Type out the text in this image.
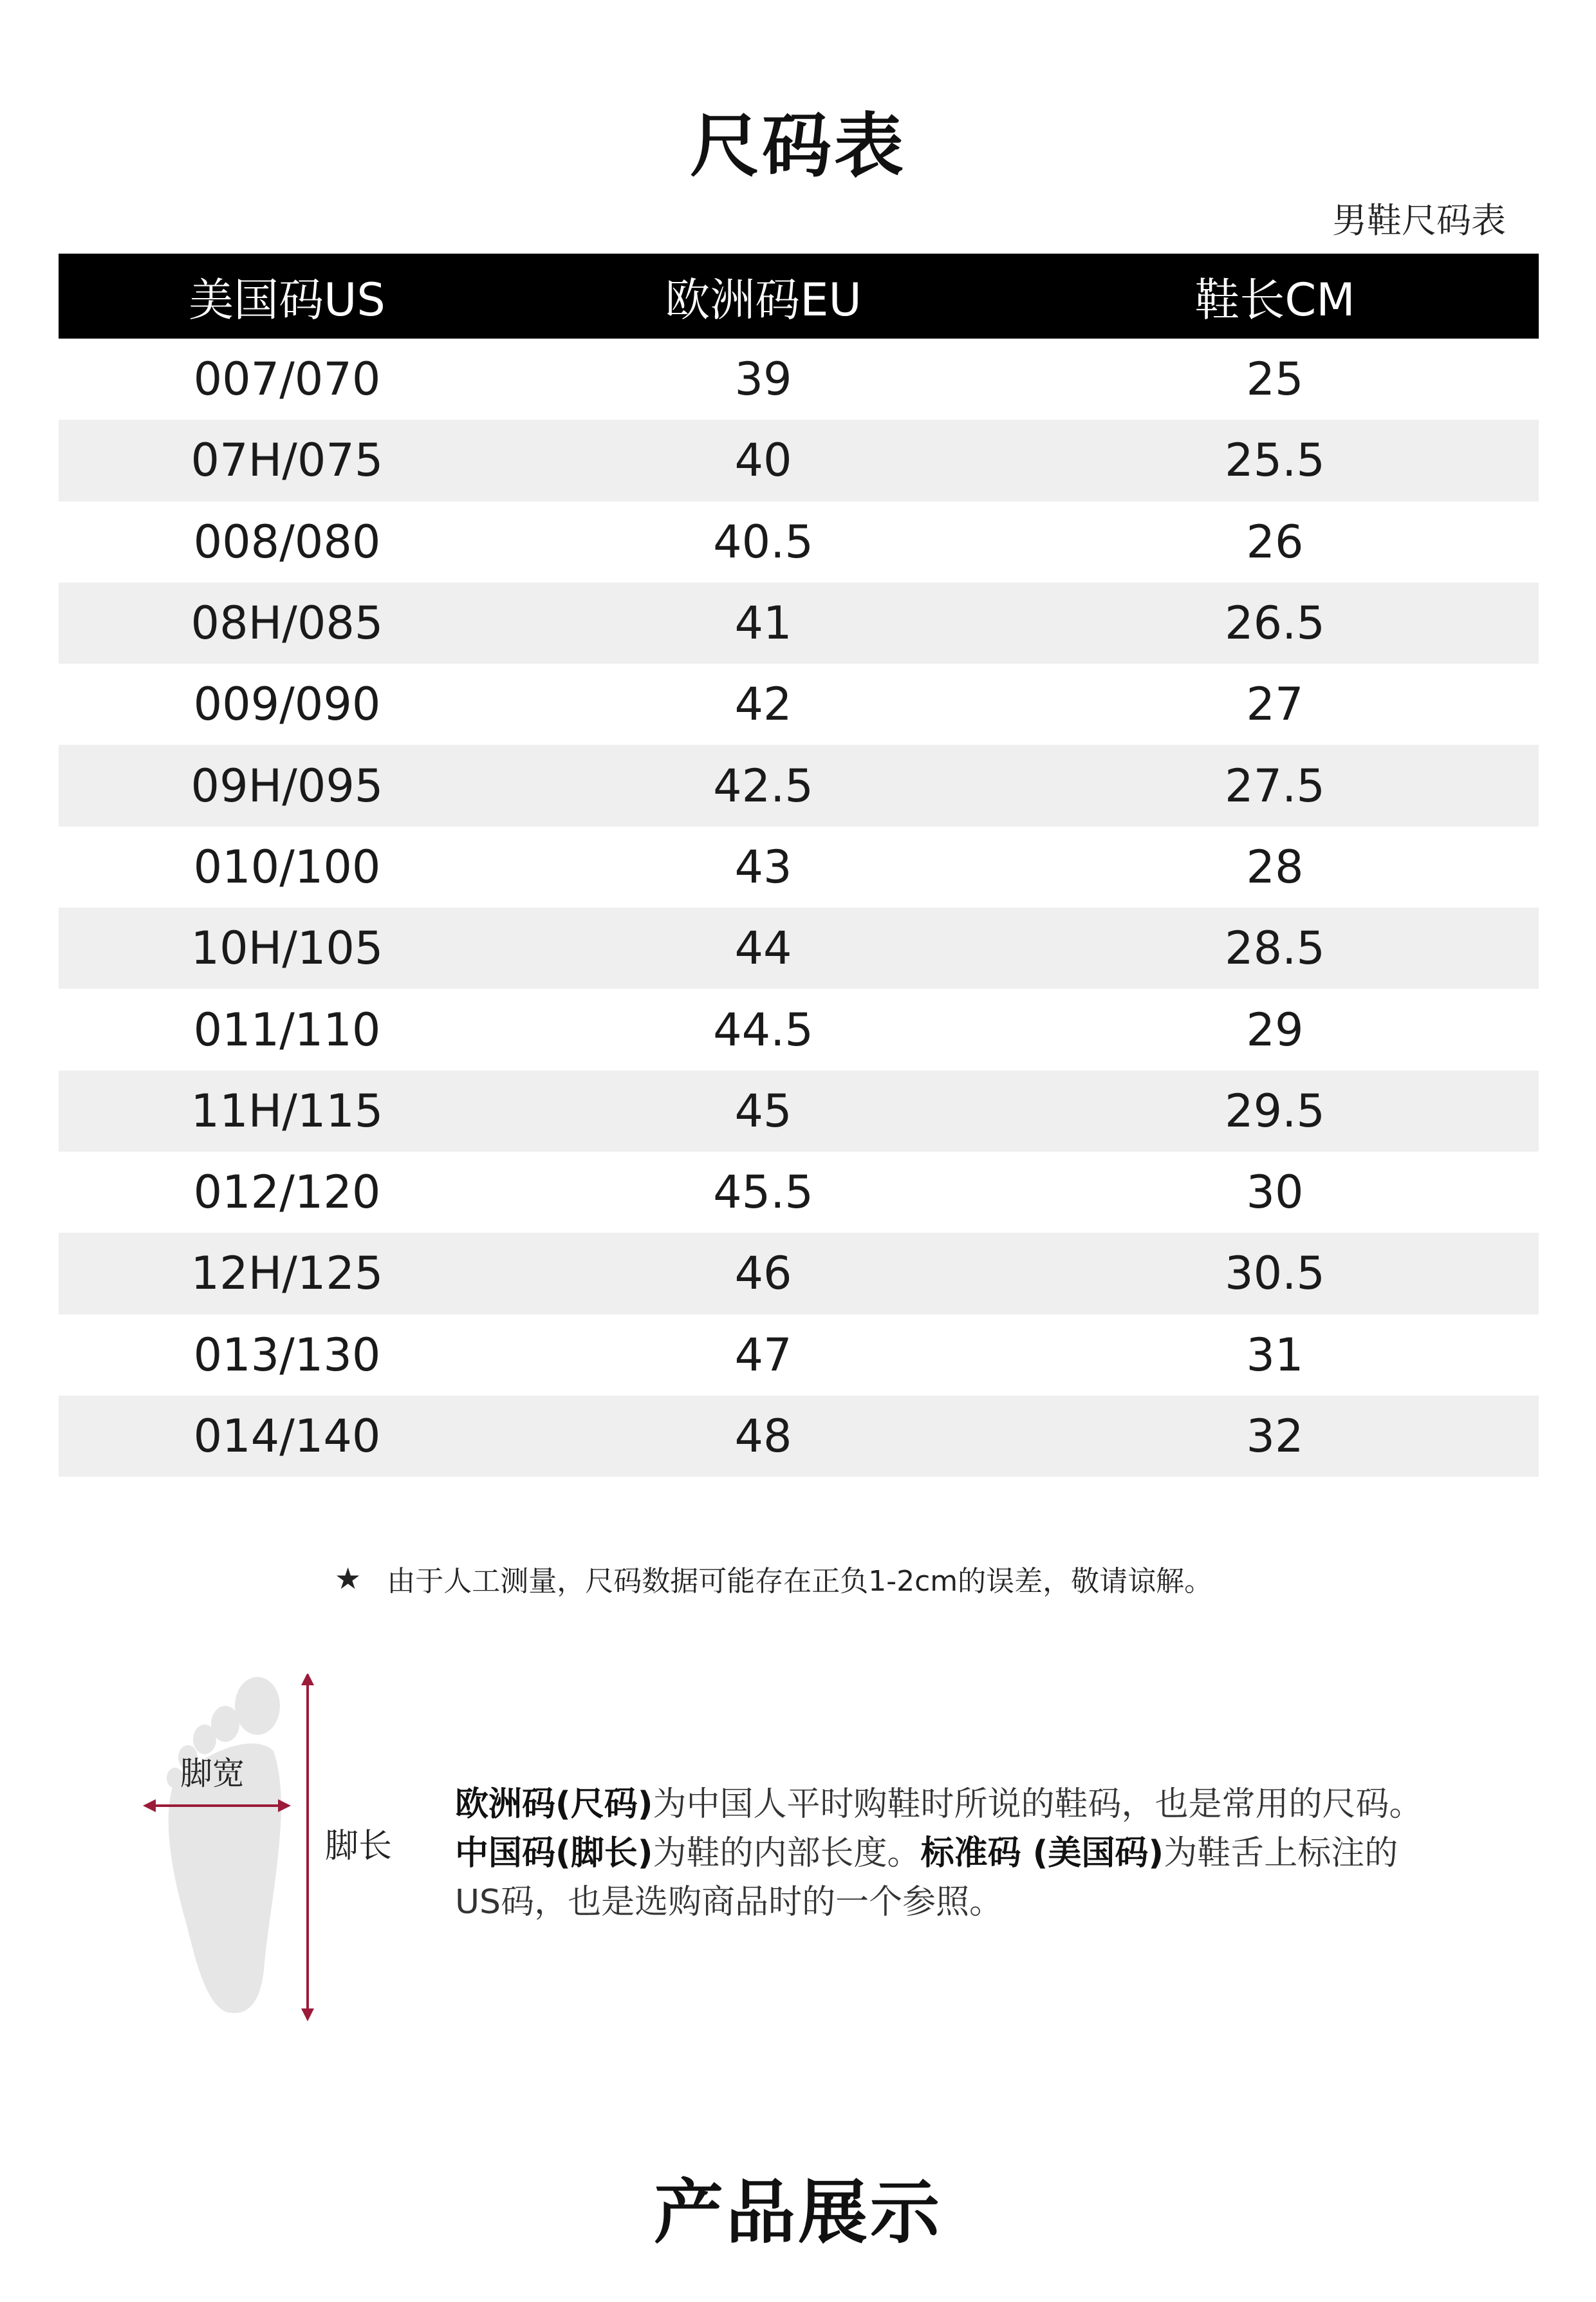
尺码表
男鞋尺码表
美国码US	欧洲码EU	鞋长CM
007/070	39	25
07H/075	40	25.5
008/080	40.5	26
08H/085	41	26.5
009/090	42	27
09H/095	42.5	27.5
010/100	43	28
10H/105	44	28.5
011/110	44.5	29
11H/115	45	29.5
012/120	45.5	30
12H/125	46	30.5
013/130	47	31
014/140	48	32
★ 由于人工测量，尺码数据可能存在正负1-2cm的误差，敬请谅解。
脚宽
脚长
欧洲码(尺码)为中国人平时购鞋时所说的鞋码，也是常用的尺码。
中国码(脚长)为鞋的内部长度。标准码 (美国码)为鞋舌上标注的
US码，也是选购商品时的一个参照。
产品展示
